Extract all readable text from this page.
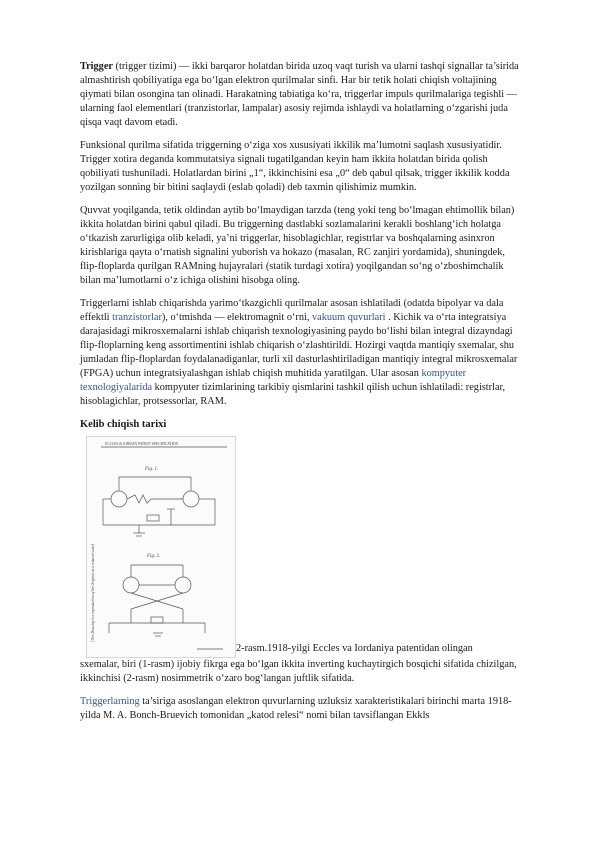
Trigger (trigger tizimi) — ikki barqaror holatdan birida uzoq vaqt turish va ularni tashqi signallar ta’sirida almashtirish qobiliyatiga ega bo‘lgan elektron qurilmalar sinfi. Har bir tetik holati chiqish voltajining qiymati bilan osongina tan olinadi. Harakatning tabiatiga ko‘ra, triggerlar impuls qurilmalariga tegishli — ularning faol elementlari (tranzistorlar, lampalar) asosiy rejimda ishlaydi va holatlarning o‘zgarishi juda qisqa vaqt davom etadi.

Funksional qurilma sifatida triggerning o‘ziga xos xususiyati ikkilik ma’lumotni saqlash xususiyatidir. Trigger xotira deganda kommutatsiya signali tugatilgandan keyin ham ikkita holatdan birida qolish qobiliyati tushuniladi. Holatlardan birini „1“, ikkinchisini esa „0“ deb qabul qilsak, trigger ikkilik kodda yozilgan sonning bir bitini saqlaydi (eslab qoladi) deb taxmin qilishimiz mumkin.

Quvvat yoqilganda, tetik oldindan aytib bo‘lmaydigan tarzda (teng yoki teng bo‘lmagan ehtimollik bilan) ikkita holatdan birini qabul qiladi. Bu triggerning dastlabki sozlamalarini kerakli boshlang‘ich holatga o‘tkazish zarurligiga olib keladi, ya’ni triggerlar, hisoblagichlar, registrlar va boshqalarning asinxron kirishlariga qayta o‘rnatish signalini yuborish va hokazo (masalan, RC zanjiri yordamida), shuningdek, flip-floplarda qurilgan RAMning hujayralari (statik turdagi xotira) yoqilgandan so‘ng o‘zboshimchalik bilan ma’lumotlarni o‘z ichiga olishini hisobga oling.

Triggerlarni ishlab chiqarishda yarimo‘tkazgichli qurilmalar asosan ishlatiladi (odatda bipolyar va dala effektli tranzistorlar), o‘tmishda — elektromagnit o‘rni, vakuum quvurlari . Kichik va o‘rta integratsiya darajasidagi mikrosxemalarni ishlab chiqarish texnologiyasining paydo bo‘lishi bilan integral dizayndagi flip-floplarning keng assortimentini ishlab chiqarish o‘zlashtirildi. Hozirgi vaqtda mantiqiy sxemalar, shu jumladan flip-floplardan foydalanadiganlar, turli xil dasturlashtiriladigan mantiqiy integral mikrosxemalar (FPGA) uchun integratsiyalashgan ishlab chiqish muhitida yaratilgan. Ular asosan kompyuter texnologiyalarida kompyuter tizimlarining tarkibiy qismlarini tashkil qilish uchun ishlatiladi: registrlar, hisoblagichlar, protsessorlar, RAM.

Kelib chiqish tarixi
ECCLES & JORDAN PATENT SPECIFICATION
Fig. 1.
Fig. 2.
[This Drawing is a reproduction of the Original on a reduced scale]
2-rasm.1918-yilgi Eccles va Iordaniya patentidan olingan

sxemalar, biri (1-rasm) ijobiy fikrga ega bo‘lgan ikkita inverting kuchaytirgich bosqichi sifatida chizilgan, ikkinchisi (2-rasm) nosimmetrik o‘zaro bog‘langan juftlik sifatida.

Triggerlarning ta’siriga asoslangan elektron quvurlarning uzluksiz xarakteristikalari birinchi marta 1918-yilda M. A. Bonch-Bruevich tomonidan „katod relesi“ nomi bilan tavsiflangan Ekkls
